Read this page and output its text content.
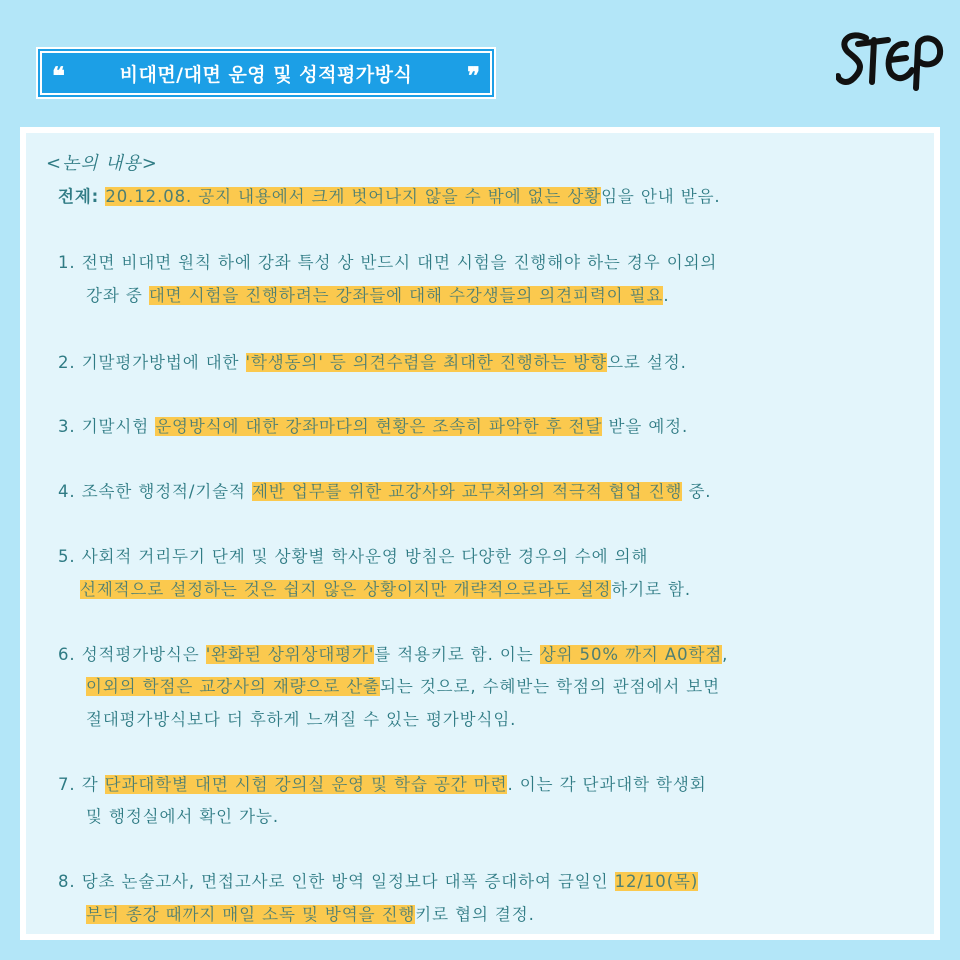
❝	비대면/대면 운영 및 성적평가방식 ❞
<논의 내용>
전제: 20.12.08. 공지 내용에서 크게 벗어나지 않을 수 밖에 없는 상황임을 안내 받음.
1. 전면 비대면 원칙 하에 강좌 특성 상 반드시 대면 시험을 진행해야 하는 경우 이외의
강좌 중 대면 시험을 진행하려는 강좌들에 대해 수강생들의 의견피력이 필요.
2. 기말평가방법에 대한 '학생동의' 등 의견수렴을 최대한 진행하는 방향으로 설정.
3. 기말시험 운영방식에 대한 강좌마다의 현황은 조속히 파악한 후 전달 받을 예정.
4. 조속한 행정적/기술적 제반 업무를 위한 교강사와 교무처와의 적극적 협업 진행 중.
5. 사회적 거리두기 단계 및 상황별 학사운영 방침은 다양한 경우의 수에 의해
선제적으로 설정하는 것은 쉽지 않은 상황이지만 개략적으로라도 설정하기로 함.
6. 성적평가방식은 '완화된 상위상대평가'를 적용키로 함. 이는 상위 50% 까지 A0학점,
이외의 학점은 교강사의 재량으로 산출되는 것으로, 수혜받는 학점의 관점에서 보면
절대평가방식보다 더 후하게 느껴질 수 있는 평가방식임.
7. 각 단과대학별 대면 시험 강의실 운영 및 학습 공간 마련. 이는 각 단과대학 학생회
및 행정실에서 확인 가능.
8. 당초 논술고사, 면접고사로 인한 방역 일정보다 대폭 증대하여 금일인 12/10(목)
부터 종강 때까지 매일 소독 및 방역을 진행키로 협의 결정.
